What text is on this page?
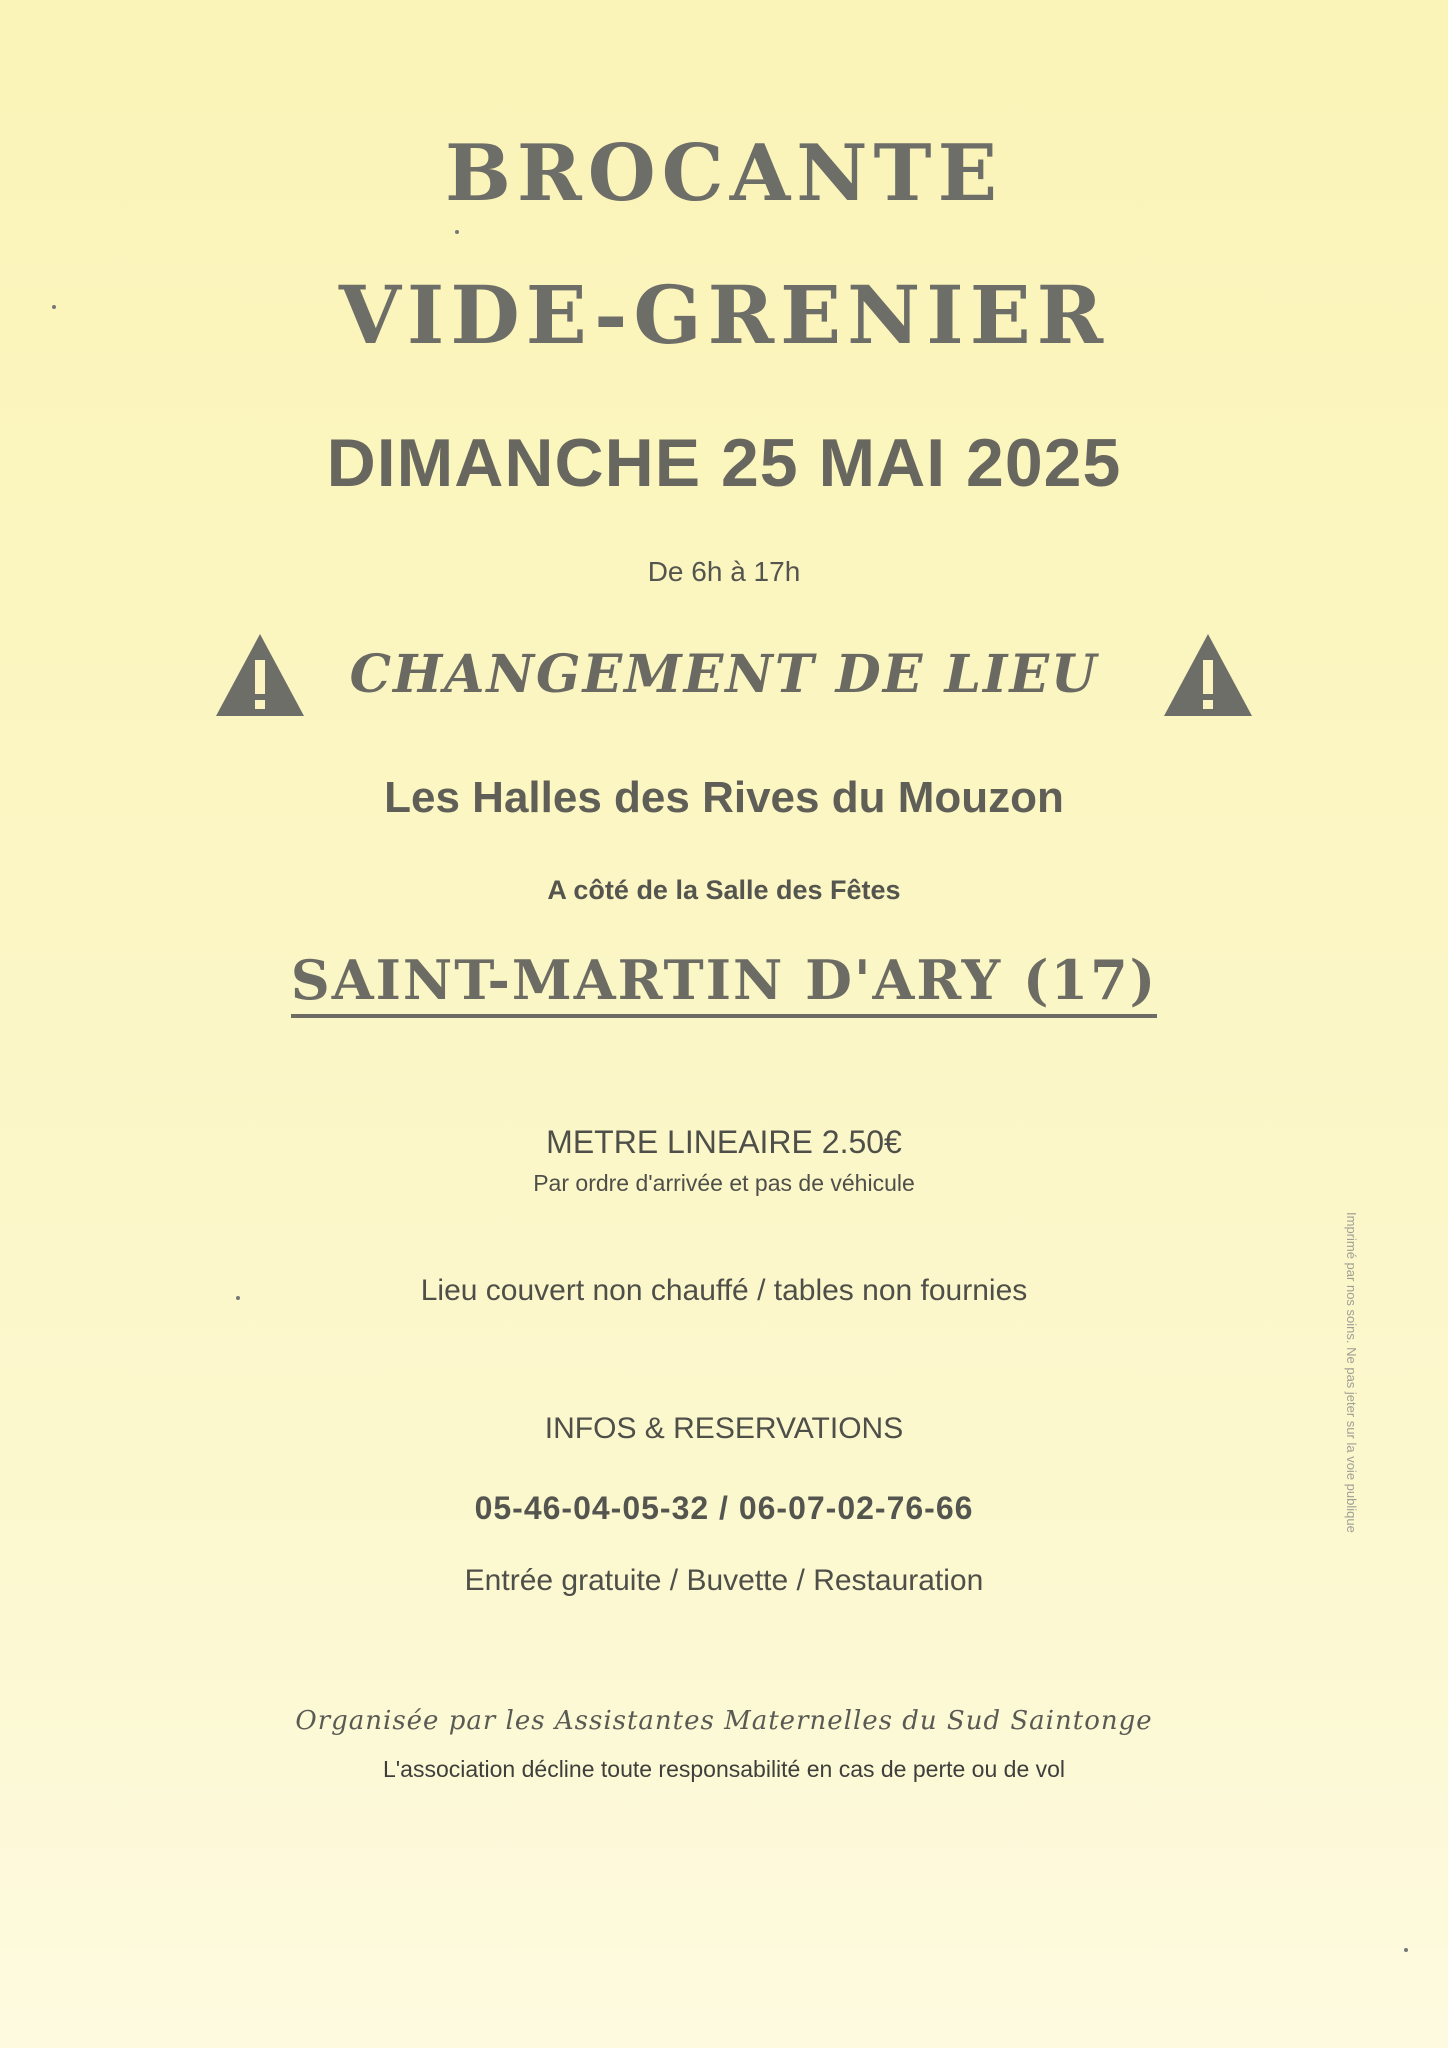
BROCANTE
VIDE-GRENIER
DIMANCHE 25 MAI 2025
De 6h à 17h
CHANGEMENT DE LIEU
Les Halles des Rives du Mouzon
A côté de la Salle des Fêtes
SAINT-MARTIN D'ARY (17)
METRE LINEAIRE 2.50€
Par ordre d'arrivée et pas de véhicule
Lieu couvert non chauffé / tables non fournies
INFOS & RESERVATIONS
05-46-04-05-32 / 06-07-02-76-66
Entrée gratuite / Buvette / Restauration
Organisée par les Assistantes Maternelles du Sud Saintonge
L'association décline toute responsabilité en cas de perte ou de vol
Imprimé par nos soins. Ne pas jeter sur la voie publique
